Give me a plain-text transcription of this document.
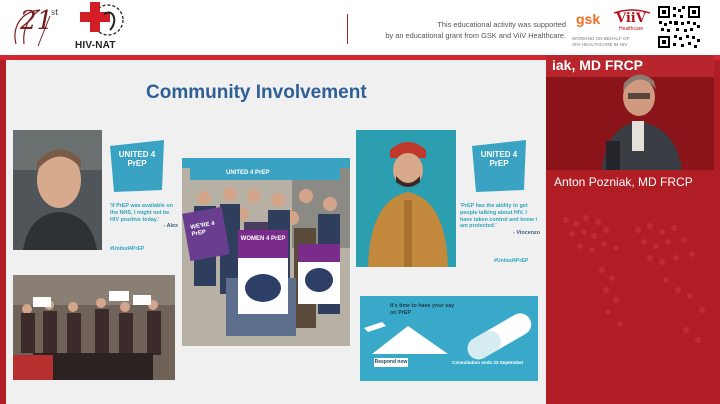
21
st
HIV-NAT
This educational activity was supported
by an educational grant from GSK and ViiV Healthcare.
gsk ViiV
Healthcare
WORKING ON BEHALF OF
VIIV HEALTHCARE IN HIV
Community Involvement
UNITED 4 PrEP
'If PrEP was available on the NHS, I might not be HIV positive today.'
- Alex
#United4PrEP
WE'RE 4 PrEP
WOMEN 4 PrEP
UNITED 4 PrEP
UNITED 4 PrEP
'PrEP has the ability to get people talking about HIV. I have taken control and know I am protected.'
- Vincenzo
#United4PrEP
It's time to have your say on PrEP
Respond now	Consultation ends 23 September
iak, MD FRCP
Anton Pozniak, MD FRCP
